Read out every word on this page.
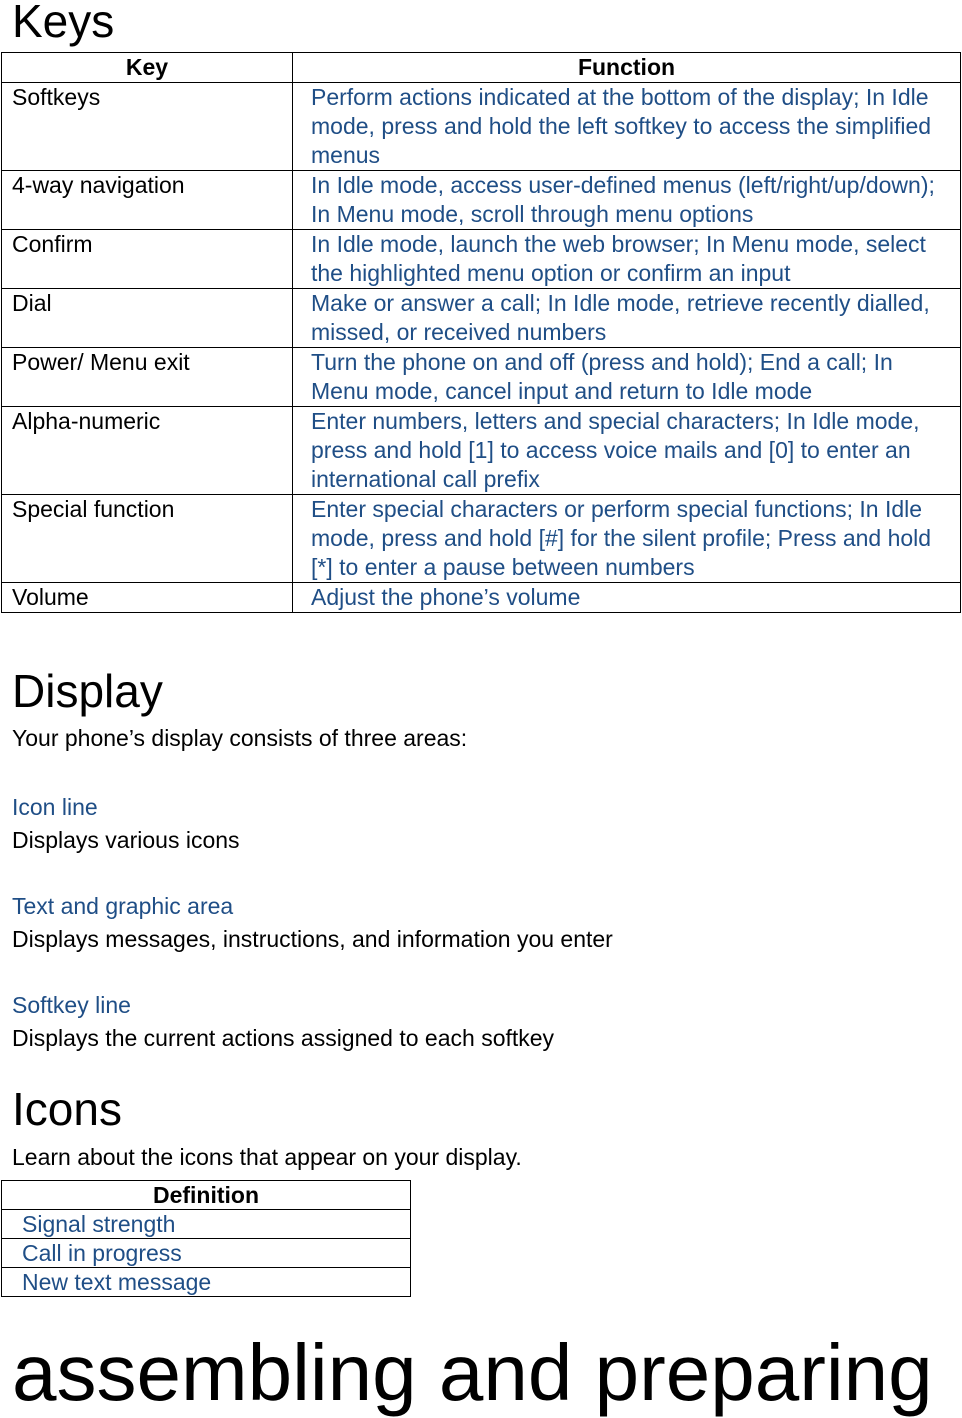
Keys
Key	Function
Softkeys	Perform actions indicated at the bottom of the display; In Idle mode, press and hold the left softkey to access the simplified menus
4-way navigation	In Idle mode, access user-defined menus (left/right/up/down); In Menu mode, scroll through menu options
Confirm	In Idle mode, launch the web browser; In Menu mode, select the highlighted menu option or confirm an input
Dial	Make or answer a call; In Idle mode, retrieve recently dialled, missed, or received numbers
Power/ Menu exit	Turn the phone on and off (press and hold); End a call; In Menu mode, cancel input and return to Idle mode
Alpha-numeric	Enter numbers, letters and special characters; In Idle mode, press and hold [1] to access voice mails and [0] to enter an international call prefix
Special function	Enter special characters or perform special functions; In Idle mode, press and hold [#] for the silent profile; Press and hold [*] to enter a pause between numbers
Volume	Adjust the phone’s volume
Display

Your phone’s display consists of three areas:

Icon line

Displays various icons

Text and graphic area

Displays messages, instructions, and information you enter

Softkey line

Displays the current actions assigned to each softkey

Icons

Learn about the icons that appear on your display.

Definition
Signal strength
Call in progress
New text message
assembling and preparing
